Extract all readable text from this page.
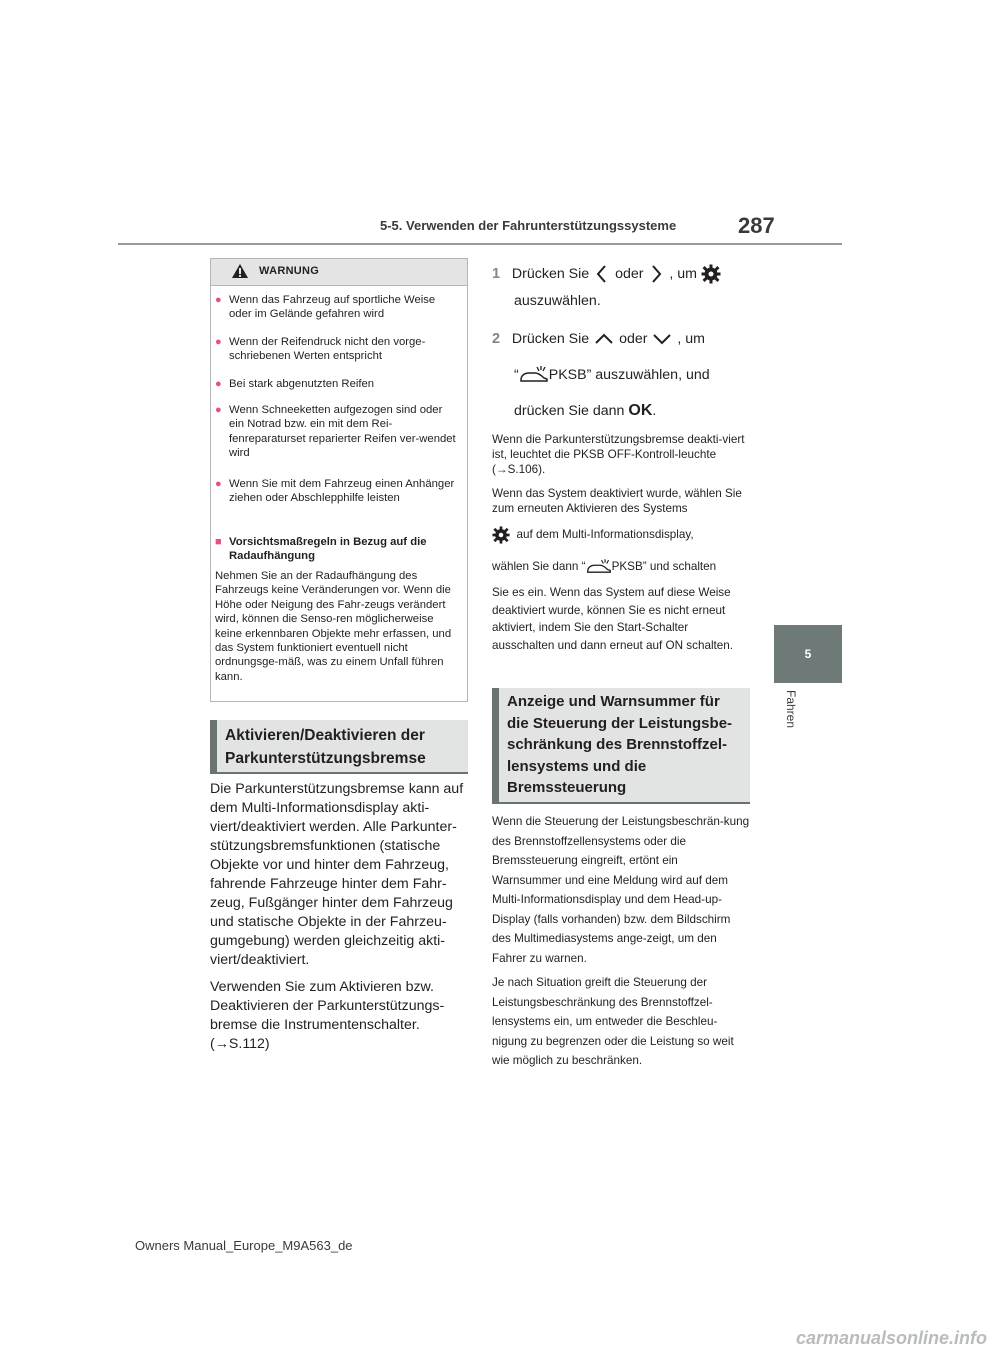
5-5. Verwenden der Fahrunterstützungssysteme	287
5
Fahren
WARNUNG
● Wenn das Fahrzeug auf sportliche Weise oder im Gelände gefahren wird
● Wenn der Reifendruck nicht den vorge-schriebenen Werten entspricht
● Bei stark abgenutzten Reifen
● Wenn Schneeketten aufgezogen sind oder ein Notrad bzw. ein mit dem Rei-fenreparaturset reparierter Reifen ver-wendet wird
● Wenn Sie mit dem Fahrzeug einen Anhänger ziehen oder Abschlepphilfe leisten
■ Vorsichtsmaßregeln in Bezug auf die Radaufhängung
Nehmen Sie an der Radaufhängung des Fahrzeugs keine Veränderungen vor. Wenn die Höhe oder Neigung des Fahr-zeugs verändert wird, können die Senso-ren möglicherweise keine erkennbaren Objekte mehr erfassen, und das System funktioniert eventuell nicht ordnungsge-mäß, was zu einem Unfall führen kann.
Aktivieren/Deaktivieren der
Parkunterstützungsbremse
Die Parkunterstützungsbremse kann auf dem Multi-Informationsdisplay akti-viert/deaktiviert werden. Alle Parkunter-stützungsbremsfunktionen (statische Objekte vor und hinter dem Fahrzeug, fahrende Fahrzeuge hinter dem Fahr-zeug, Fußgänger hinter dem Fahrzeug und statische Objekte in der Fahrzeu-gumgebung) werden gleichzeitig akti-viert/deaktiviert.
Verwenden Sie zum Aktivieren bzw. Deaktivieren der Parkunterstützungs-bremse die Instrumentenschalter.
(→S.112)
1 Drücken Sie oder , um
auszuwählen.
2 Drücken Sie oder , um
“ PKSB” auszuwählen, und
drücken Sie dann OK.
Wenn die Parkunterstützungsbremse deakti-viert ist, leuchtet die PKSB OFF-Kontroll-leuchte (→S.106).
Wenn das System deaktiviert wurde, wählen Sie zum erneuten Aktivieren des Systems
auf dem Multi-Informationsdisplay,
wählen Sie dann “ PKSB” und schalten
Sie es ein. Wenn das System auf diese Weise deaktiviert wurde, können Sie es nicht erneut aktiviert, indem Sie den Start-Schalter ausschalten und dann erneut auf ON schalten.
Anzeige und Warnsummer für
die Steuerung der Leistungsbe-
schränkung des Brennstoffzel-
lensystems und die
Bremssteuerung
Wenn die Steuerung der Leistungsbeschrän-kung des Brennstoffzellensystems oder die Bremssteuerung eingreift, ertönt ein Warnsummer und eine Meldung wird auf dem Multi-Informationsdisplay und dem Head-up-Display (falls vorhanden) bzw. dem Bildschirm des Multimediasystems ange-zeigt, um den Fahrer zu warnen.
Je nach Situation greift die Steuerung der Leistungsbeschränkung des Brennstoffzel-lensystems ein, um entweder die Beschleu-nigung zu begrenzen oder die Leistung so weit wie möglich zu beschränken.
Owners Manual_Europe_M9A563_de
carmanualsonline.info
